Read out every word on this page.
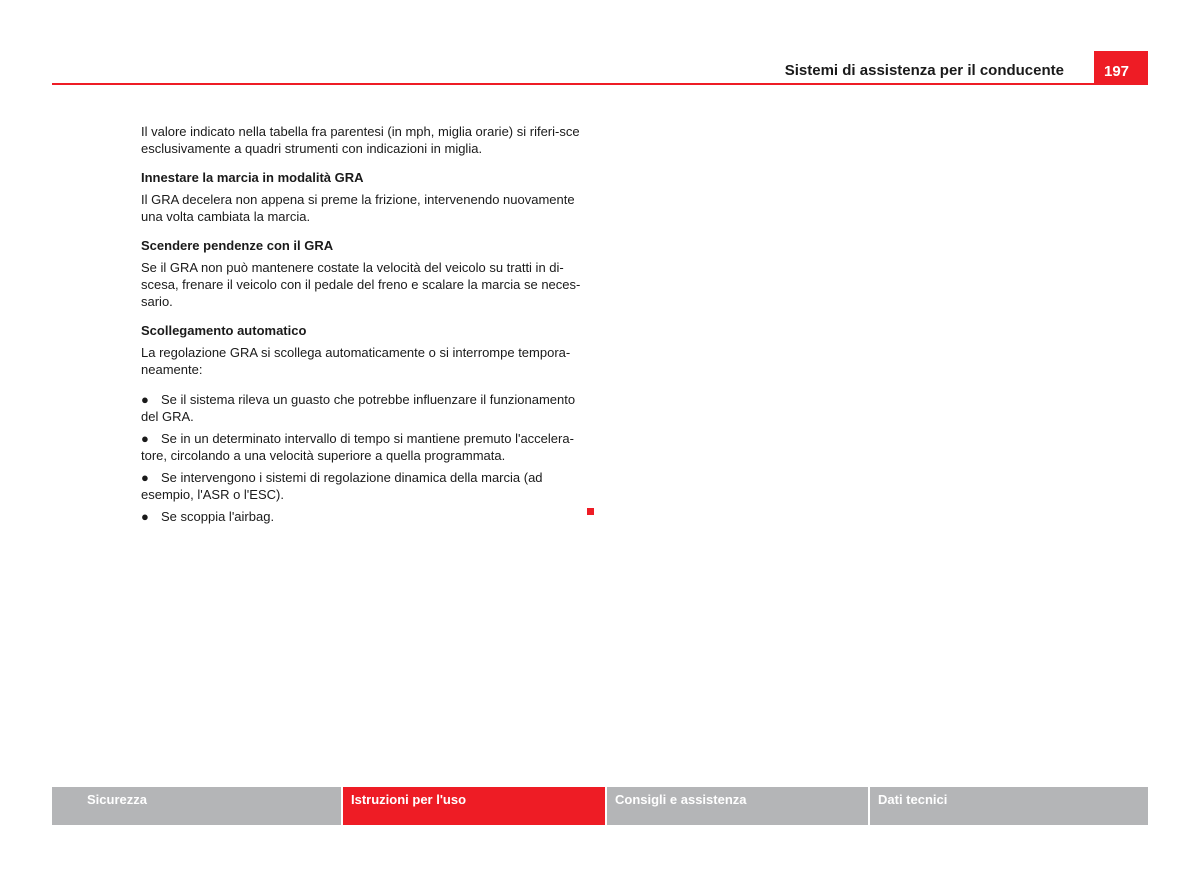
Sistemi di assistenza per il conducente	197

Il valore indicato nella tabella fra parentesi (in mph, miglia orarie) si riferi-sce esclusivamente a quadri strumenti con indicazioni in miglia.

Innestare la marcia in modalità GRA

Il GRA decelera non appena si preme la frizione, intervenendo nuovamente una volta cambiata la marcia.

Scendere pendenze con il GRA

Se il GRA non può mantenere costate la velocità del veicolo su tratti in di-scesa, frenare il veicolo con il pedale del freno e scalare la marcia se neces-sario.

Scollegamento automatico

La regolazione GRA si scollega automaticamente o si interrompe tempora-neamente:

● Se il sistema rileva un guasto che potrebbe influenzare il funzionamento del GRA.
● Se in un determinato intervallo di tempo si mantiene premuto l'accelera-tore, circolando a una velocità superiore a quella programmata.
● Se intervengono i sistemi di regolazione dinamica della marcia (ad esempio, l'ASR o l'ESC).
● Se scoppia l'airbag.
Sicurezza	Istruzioni per l'uso	Consigli e assistenza	Dati tecnici
